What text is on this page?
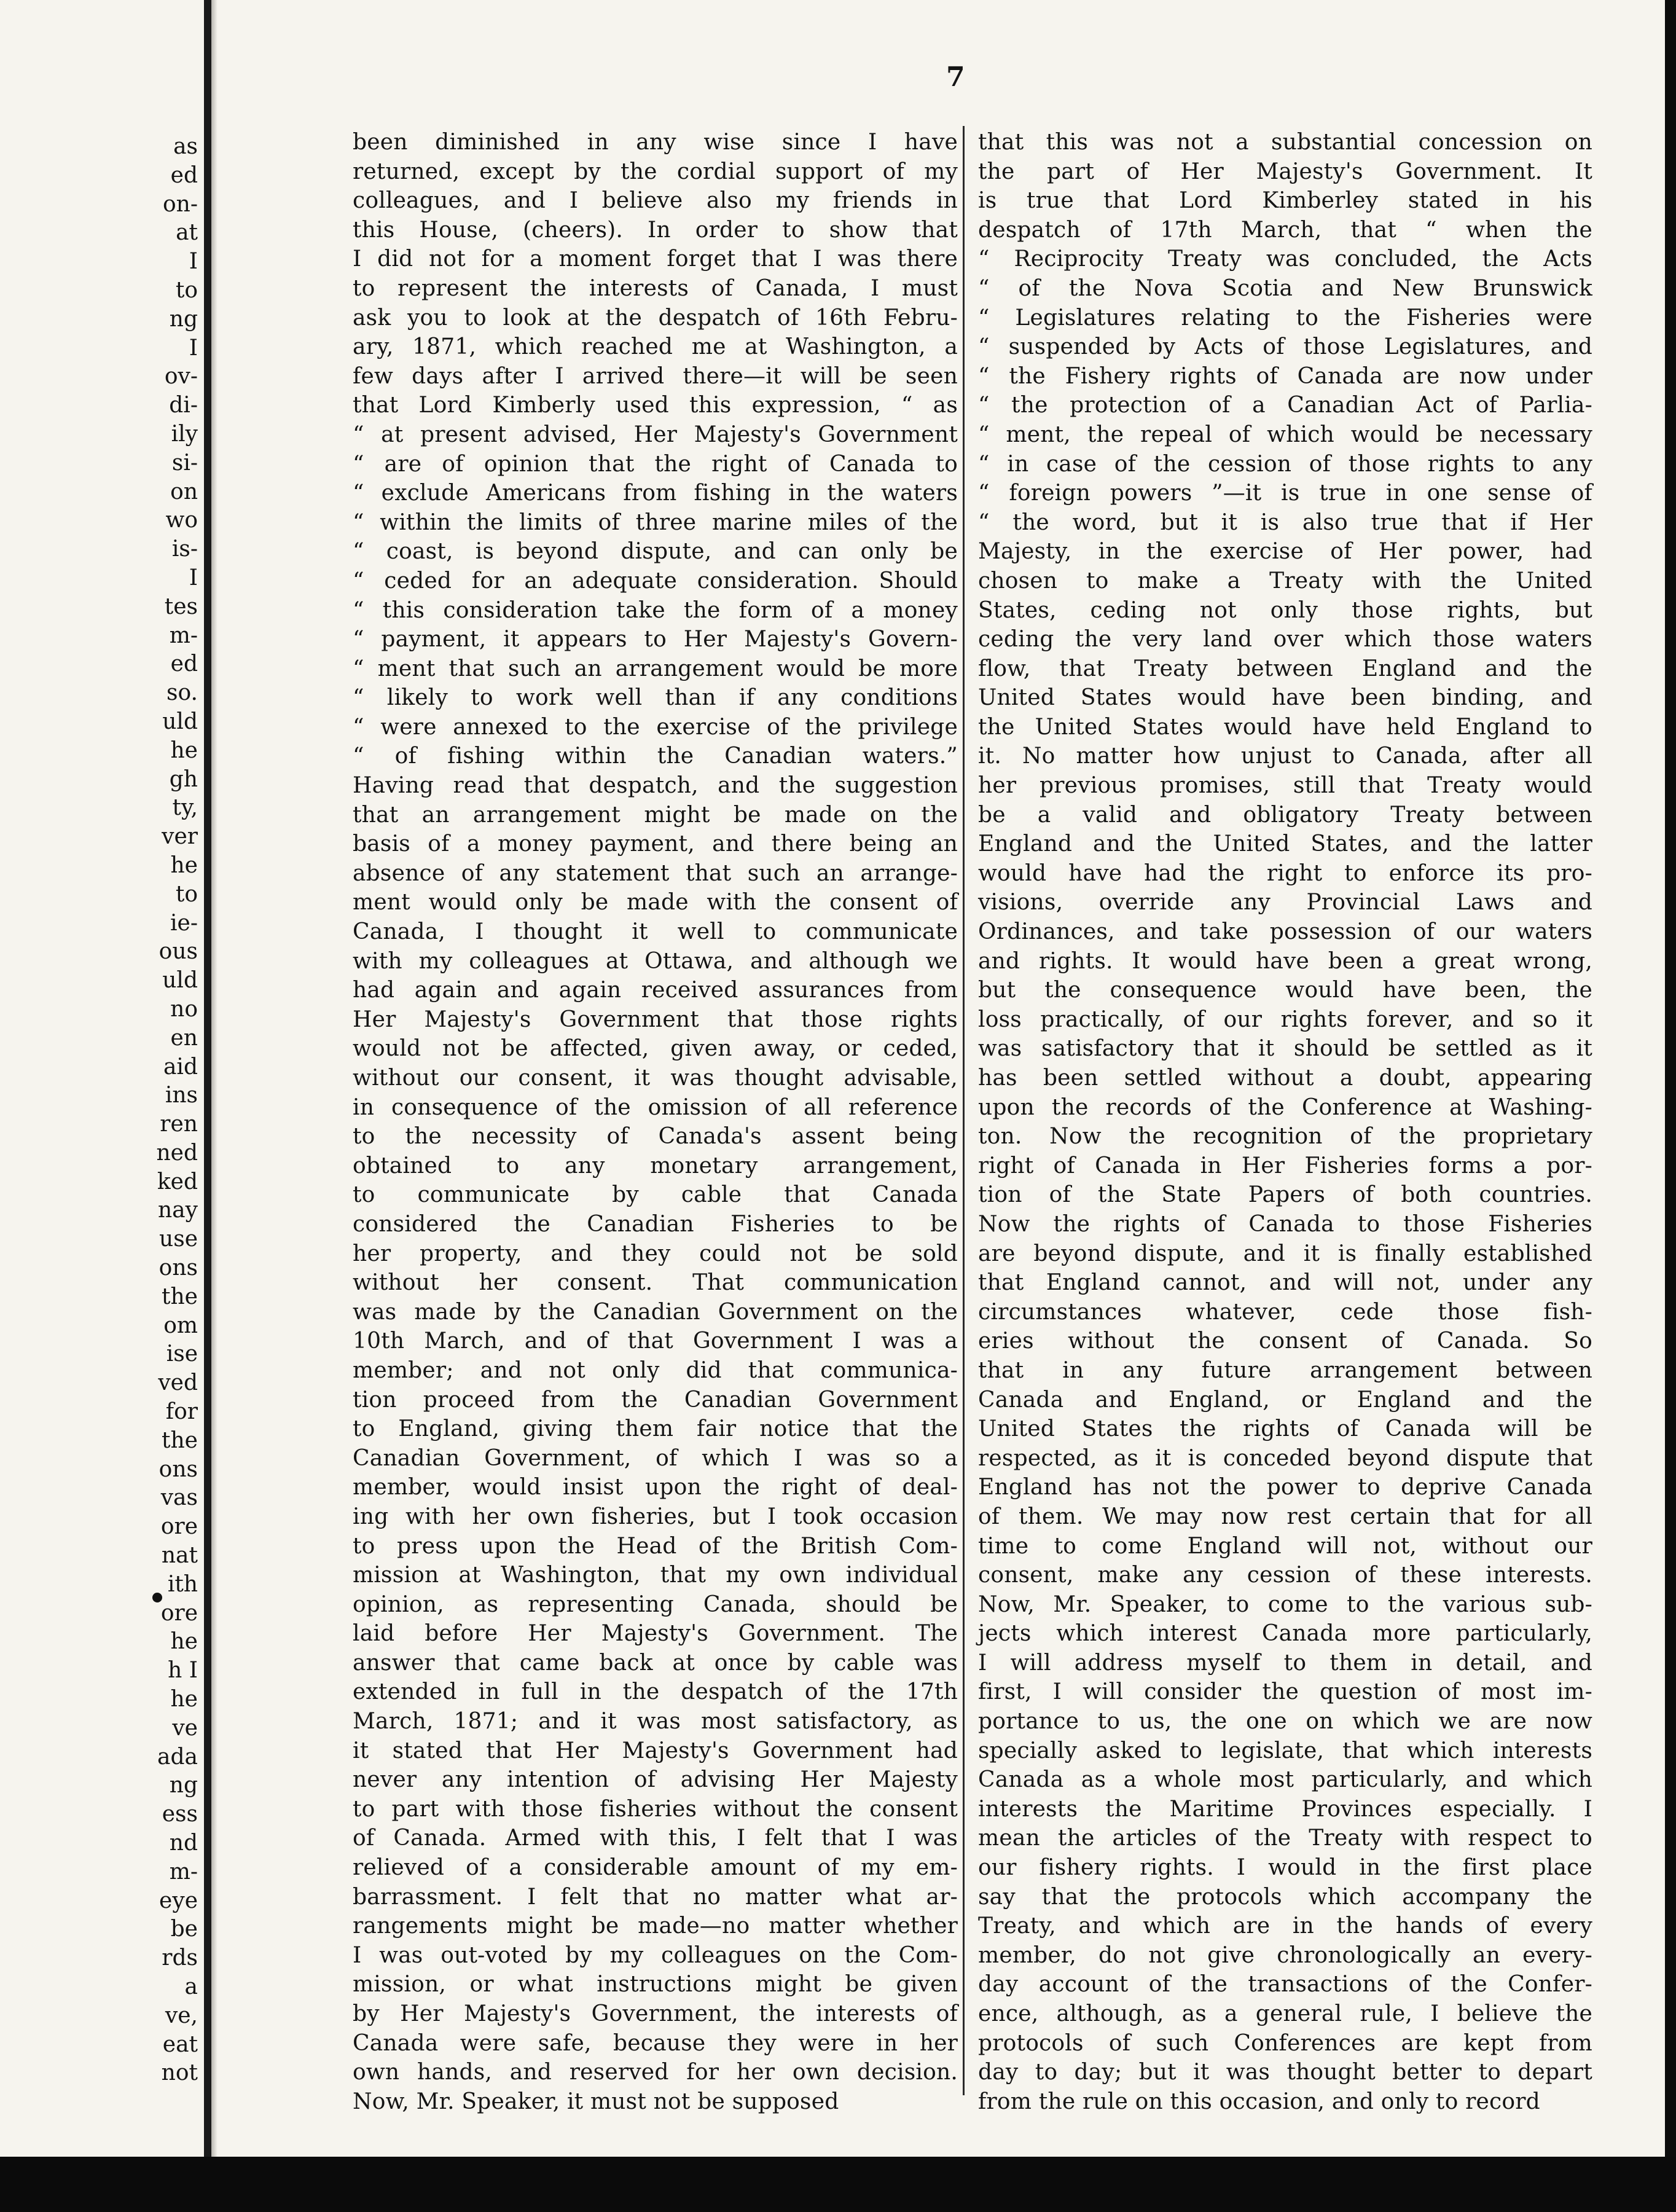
7
as
ed
on-
at
I
to
ng
I
ov-
di-
ily
si-
on
wo
is-
I
tes
m-
ed
so.
uld
he
gh
ty,
ver
he
to
ie-
ous
uld
no
en
aid
ins
ren
ned
ked
nay
use
ons
the
om
ise
ved
for
the
ons
vas
ore
nat
ith
ore
he
h I
he
ve
ada
ng
ess
nd
m-
eye
be
rds
a
ve,
eat
not
been diminished in any wise since I have
returned, except by the cordial support of my
colleagues, and I believe also my friends in
this House, (cheers). In order to show that
I did not for a moment forget that I was there
to represent the interests of Canada, I must
ask you to look at the despatch of 16th Febru-
ary, 1871, which reached me at Washington, a
few days after I arrived there—it will be seen
that Lord Kimberly used this expression, “ as
“ at present advised, Her Majesty's Government
“ are of opinion that the right of Canada to
“ exclude Americans from fishing in the waters
“ within the limits of three marine miles of the
“ coast, is beyond dispute, and can only be
“ ceded for an adequate consideration. Should
“ this consideration take the form of a money
“ payment, it appears to Her Majesty's Govern-
“ ment that such an arrangement would be more
“ likely to work well than if any conditions
“ were annexed to the exercise of the privilege
“ of fishing within the Canadian waters.”
Having read that despatch, and the suggestion
that an arrangement might be made on the
basis of a money payment, and there being an
absence of any statement that such an arrange-
ment would only be made with the consent of
Canada, I thought it well to communicate
with my colleagues at Ottawa, and although we
had again and again received assurances from
Her Majesty's Government that those rights
would not be affected, given away, or ceded,
without our consent, it was thought advisable,
in consequence of the omission of all reference
to the necessity of Canada's assent being
obtained to any monetary arrangement,
to communicate by cable that Canada
considered the Canadian Fisheries to be
her property, and they could not be sold
without her consent. That communication
was made by the Canadian Government on the
10th March, and of that Government I was a
member; and not only did that communica-
tion proceed from the Canadian Government
to England, giving them fair notice that the
Canadian Government, of which I was so a
member, would insist upon the right of deal-
ing with her own fisheries, but I took occasion
to press upon the Head of the British Com-
mission at Washington, that my own individual
opinion, as representing Canada, should be
laid before Her Majesty's Government. The
answer that came back at once by cable was
extended in full in the despatch of the 17th
March, 1871; and it was most satisfactory, as
it stated that Her Majesty's Government had
never any intention of advising Her Majesty
to part with those fisheries without the consent
of Canada. Armed with this, I felt that I was
relieved of a considerable amount of my em-
barrassment. I felt that no matter what ar-
rangements might be made—no matter whether
I was out-voted by my colleagues on the Com-
mission, or what instructions might be given
by Her Majesty's Government, the interests of
Canada were safe, because they were in her
own hands, and reserved for her own decision.
Now, Mr. Speaker, it must not be supposed
that this was not a substantial concession on
the part of Her Majesty's Government. It
is true that Lord Kimberley stated in his
despatch of 17th March, that “ when the
“ Reciprocity Treaty was concluded, the Acts
“ of the Nova Scotia and New Brunswick
“ Legislatures relating to the Fisheries were
“ suspended by Acts of those Legislatures, and
“ the Fishery rights of Canada are now under
“ the protection of a Canadian Act of Parlia-
“ ment, the repeal of which would be necessary
“ in case of the cession of those rights to any
“ foreign powers ”—it is true in one sense of
“ the word, but it is also true that if Her
Majesty, in the exercise of Her power, had
chosen to make a Treaty with the United
States, ceding not only those rights, but
ceding the very land over which those waters
flow, that Treaty between England and the
United States would have been binding, and
the United States would have held England to
it. No matter how unjust to Canada, after all
her previous promises, still that Treaty would
be a valid and obligatory Treaty between
England and the United States, and the latter
would have had the right to enforce its pro-
visions, override any Provincial Laws and
Ordinances, and take possession of our waters
and rights. It would have been a great wrong,
but the consequence would have been, the
loss practically, of our rights forever, and so it
was satisfactory that it should be settled as it
has been settled without a doubt, appearing
upon the records of the Conference at Washing-
ton. Now the recognition of the proprietary
right of Canada in Her Fisheries forms a por-
tion of the State Papers of both countries.
Now the rights of Canada to those Fisheries
are beyond dispute, and it is finally established
that England cannot, and will not, under any
circumstances whatever, cede those fish-
eries without the consent of Canada. So
that in any future arrangement between
Canada and England, or England and the
United States the rights of Canada will be
respected, as it is conceded beyond dispute that
England has not the power to deprive Canada
of them. We may now rest certain that for all
time to come England will not, without our
consent, make any cession of these interests.
Now, Mr. Speaker, to come to the various sub-
jects which interest Canada more particularly,
I will address myself to them in detail, and
first, I will consider the question of most im-
portance to us, the one on which we are now
specially asked to legislate, that which interests
Canada as a whole most particularly, and which
interests the Maritime Provinces especially. I
mean the articles of the Treaty with respect to
our fishery rights. I would in the first place
say that the protocols which accompany the
Treaty, and which are in the hands of every
member, do not give chronologically an every-
day account of the transactions of the Confer-
ence, although, as a general rule, I believe the
protocols of such Conferences are kept from
day to day; but it was thought better to depart
from the rule on this occasion, and only to record
